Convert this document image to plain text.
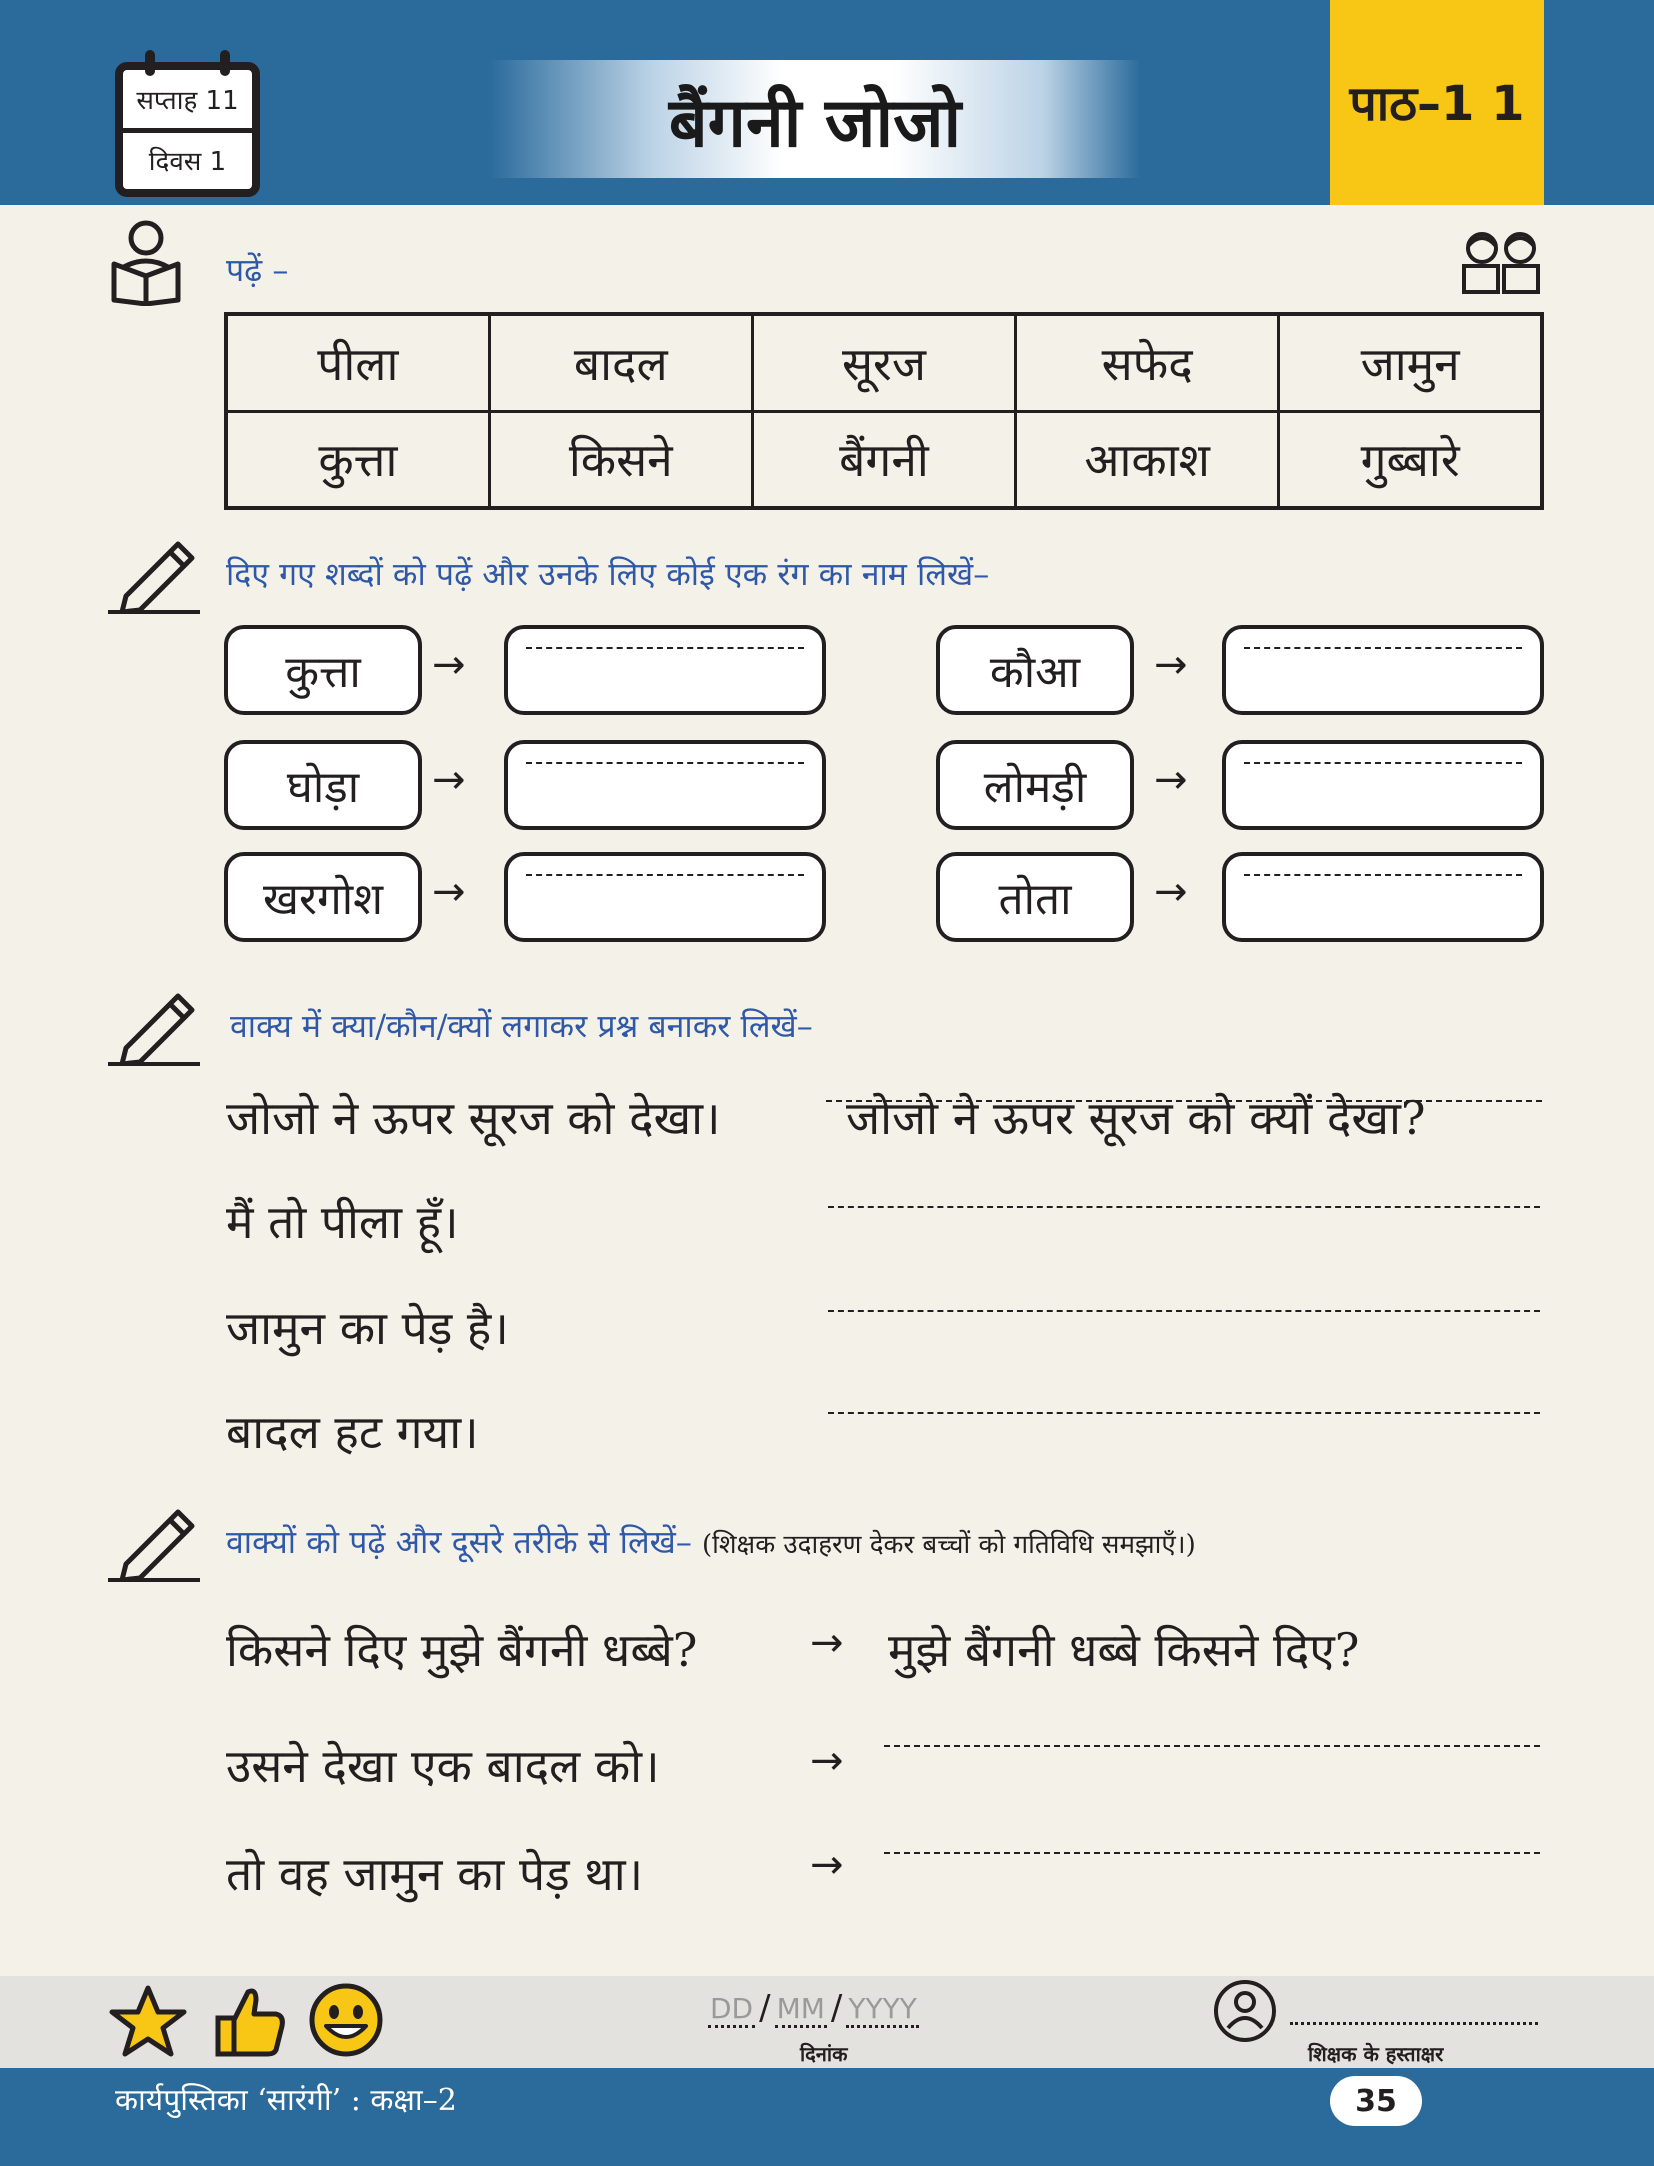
सप्ताह 11
दिवस 1	बैंगनी जोजो	पाठ–1 1
पढ़ें –
पीला	बादल	सूरज	सफेद	जामुन
कुत्ता	किसने	बैंगनी	आकाश	गुब्बारे
दिए गए शब्दों को पढ़ें और उनके लिए कोई एक रंग का नाम लिखें–
कुत्ता	→
घोड़ा	→
खरगोश	→
कौआ	→
लोमड़ी	→
तोता	→
वाक्य में क्या/कौन/क्यों लगाकर प्रश्न बनाकर लिखें–
जोजो ने ऊपर सूरज को देखा।	जोजो ने ऊपर सूरज को क्यों देखा?
मैं तो पीला हूँ।
जामुन का पेड़ है।
बादल हट गया।
वाक्यों को पढ़ें और दूसरे तरीके से लिखें– (शिक्षक उदाहरण देकर बच्चों को गतिविधि समझाएँ।)
किसने दिए मुझे बैंगनी धब्बे?	→ मुझे बैंगनी धब्बे किसने दिए?
उसने देखा एक बादल को।	→
तो वह जामुन का पेड़ था।	→
DD / MM / YYYY
दिनांक	शिक्षक के हस्ताक्षर
कार्यपुस्तिका ‘सारंगी’ : कक्षा–2	35
